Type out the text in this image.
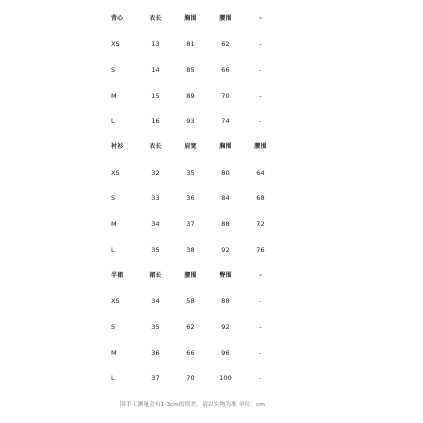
背心	衣长	胸围	腰围	-	
XS	13	81	62	-	
S	14	85	66	-	
M	15	89	70	-	
L	16	93	74	-	
衬衫	衣长	肩宽	胸围	腰围	
XS	32	35	80	64	
S	33	36	84	68	
M	34	37	88	72	
L	35	38	92	76	
半裙	裙长	腰围	臀围	-	
XS	34	58	88	-	
S	35	62	92	-	
M	36	66	96	-	
L	37	70	100	-	
因手工测量会有1-3cm的误差，请以实物为准 单位：cm
